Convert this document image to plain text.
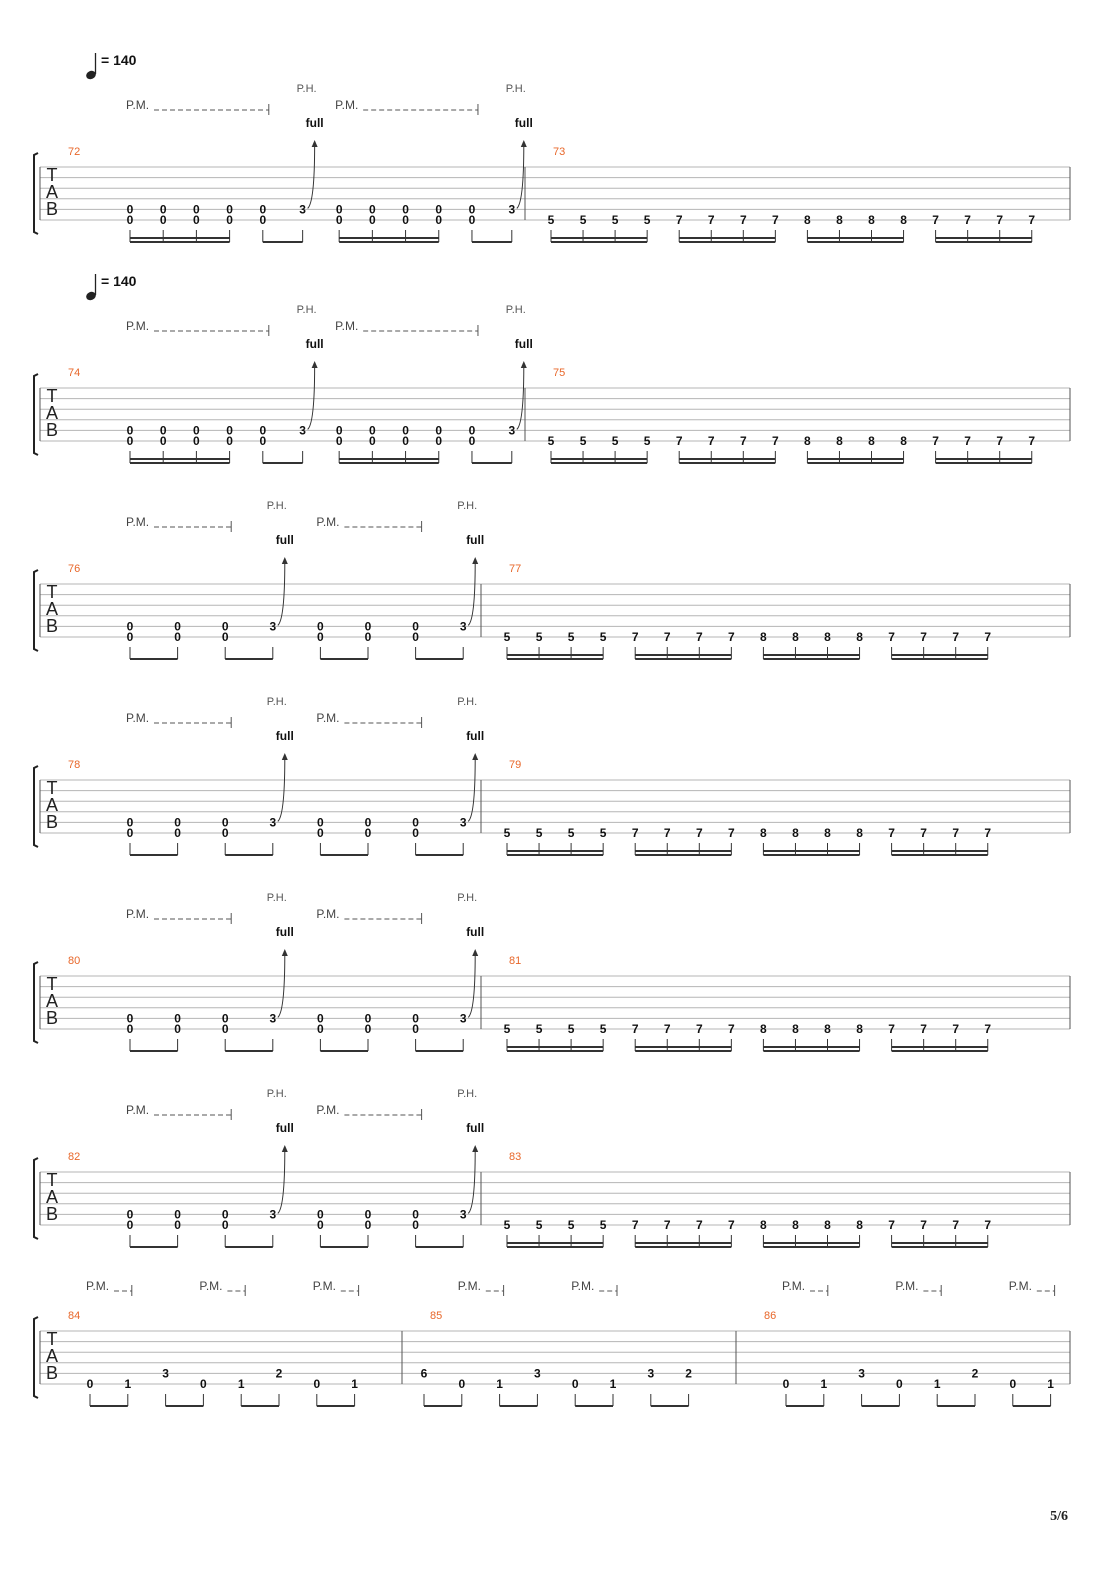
T
A
B
= 140
72
0
0
0
0
0
0
0
0
0
0
3
full
P.H.
0
0
0
0
0
0
0
0
0
0
3
full
P.H.
P.M.	P.M.
73
5 5 5 5 7 7 7 7 8 8 8 8 7 7 7 7
T
A
B
= 140
74
0
0
0
0
0
0
0
0
0
0
3
full
P.H.
0
0
0
0
0
0
0
0
0
0
3
full
P.H.
P.M.	P.M.
75
5 5 5 5 7 7 7 7 8 8 8 8 7 7 7 7
T
A
B
76
0
0
0
0
0
0
3
full
P.H.
0
0
0
0
0
0
3
full
P.H.
P.M.	P.M.
77
5 5 5 5 7 7 7 7 8 8 8 8 7 7 7 7
T
A
B
78
0
0
0
0
0
0
3
full
P.H.
0
0
0
0
0
0
3
full
P.H.
P.M.	P.M.
79
5 5 5 5 7 7 7 7 8 8 8 8 7 7 7 7
T
A
B
80
0
0
0
0
0
0
3
full
P.H.
0
0
0
0
0
0
3
full
P.H.
P.M.	P.M.
81
5 5 5 5 7 7 7 7 8 8 8 8 7 7 7 7
T
A
B
82
0
0
0
0
0
0
3
full
P.H.
0
0
0
0
0
0
3
full
P.H.
P.M.	P.M.
83
5 5 5 5 7 7 7 7 8 8 8 8 7 7 7 7
T
A
B
84
0	1
3
0	1
2
0	1
P.M.	P.M.	P.M.
85
6
0	1
3
0	1
3	2
P.M.	P.M.
86
0	1
3
0	1
2
0	1
P.M.	P.M.	P.M.
5/6
